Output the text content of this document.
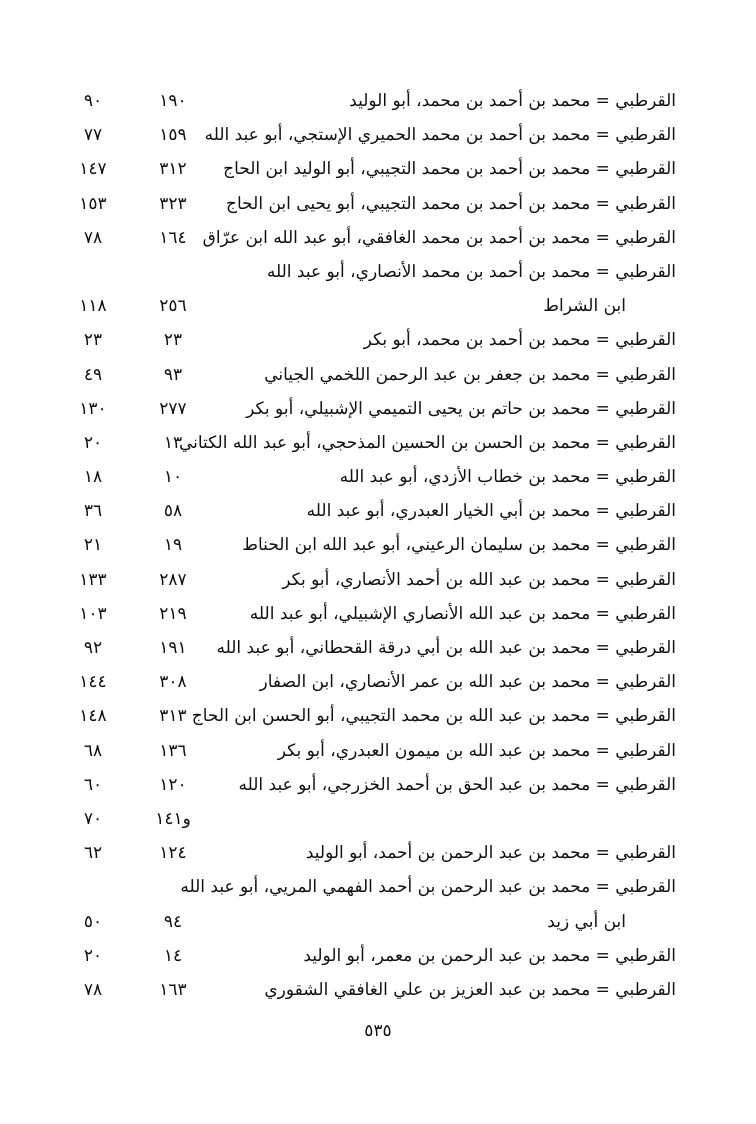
القرطبي = محمد بن أحمد بن محمد، أبو الوليد
١٩٠
٩٠
القرطبي = محمد بن أحمد بن محمد الحميري الإستجي، أبو عبد الله
١٥٩
٧٧
القرطبي = محمد بن أحمد بن محمد التجيبي، أبو الوليد ابن الحاج
٣١٢
١٤٧
القرطبي = محمد بن أحمد بن محمد التجيبي، أبو يحيى ابن الحاج
٣٢٣
١٥٣
القرطبي = محمد بن أحمد بن محمد الغافقي، أبو عبد الله ابن عرّاق
١٦٤
٧٨
القرطبي = محمد بن أحمد بن محمد الأنصاري، أبو عبد الله
ابن الشراط
٢٥٦
١١٨
القرطبي = محمد بن أحمد بن محمد، أبو بكر
٢٣
٢٣
القرطبي = محمد بن جعفر بن عبد الرحمن اللخمي الجياني
٩٣
٤٩
القرطبي = محمد بن حاتم بن يحيى التميمي الإشبيلي، أبو بكر
٢٧٧
١٣٠
القرطبي = محمد بن الحسن بن الحسين المذحجي، أبو عبد الله الكتاني
١٣
٢٠
القرطبي = محمد بن خطاب الأزدي، أبو عبد الله
١٠
١٨
القرطبي = محمد بن أبي الخيار العبدري، أبو عبد الله
٥٨
٣٦
القرطبي = محمد بن سليمان الرعيني، أبو عبد الله ابن الحناط
١٩
٢١
القرطبي = محمد بن عبد الله بن أحمد الأنصاري، أبو بكر
٢٨٧
١٣٣
القرطبي = محمد بن عبد الله الأنصاري الإشبيلي، أبو عبد الله
٢١٩
١٠٣
القرطبي = محمد بن عبد الله بن أبي درقة القحطاني، أبو عبد الله
١٩١
٩٢
القرطبي = محمد بن عبد الله بن عمر الأنصاري، ابن الصفار
٣٠٨
١٤٤
القرطبي = محمد بن عبد الله بن محمد التجيبي، أبو الحسن ابن الحاج
٣١٣
١٤٨
القرطبي = محمد بن عبد الله بن ميمون العبدري، أبو بكر
١٣٦
٦٨
القرطبي = محمد بن عبد الحق بن أحمد الخزرجي، أبو عبد الله
١٢٠
٦٠
و١٤١
٧٠
القرطبي = محمد بن عبد الرحمن بن أحمد، أبو الوليد
١٢٤
٦٢
القرطبي = محمد بن عبد الرحمن بن أحمد الفهمي المريي، أبو عبد الله
ابن أبي زيد
٩٤
٥٠
القرطبي = محمد بن عبد الرحمن بن معمر، أبو الوليد
١٤
٢٠
القرطبي = محمد بن عبد العزيز بن علي الغافقي الشقوري
١٦٣
٧٨
٥٣٥
